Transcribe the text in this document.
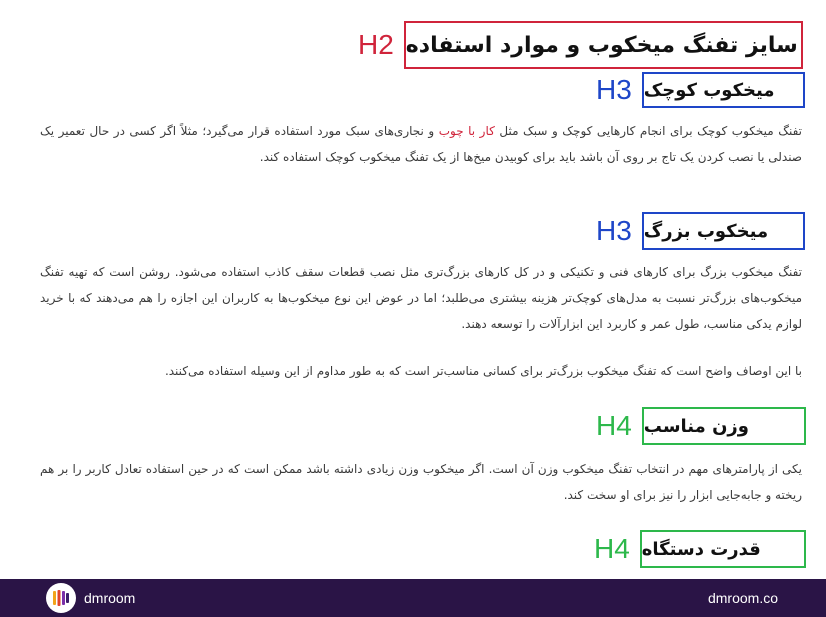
H2 سایز تفنگ میخکوب و موارد استفاده
H3 میخکوب کوچک

تفنگ میخکوب کوچک برای انجام کارهایی کوچک و سبک مثل کار با چوب و نجاری‌های سبک مورد استفاده قرار می‌گیرد؛ مثلاً اگر کسی در حال تعمیر یک صندلی یا نصب کردن یک تاج بر روی آن باشد باید برای کوبیدن میخ‌ها از یک تفنگ میخکوب کوچک استفاده کند.

H3 میخکوب بزرگ

تفنگ میخکوب بزرگ برای کارهای فنی و تکنیکی و در کل کارهای بزرگ‌تری مثل نصب قطعات سقف کاذب استفاده می‌شود. روشن است که تهیه تفنگ میخکوب‌های بزرگ‌تر نسبت به مدل‌های کوچک‌تر هزینه بیشتری می‌طلبد؛ اما در عوض این نوع میخکوب‌ها به کاربران این اجازه را هم می‌دهند که با خرید لوازم یدکی مناسب، طول عمر و کاربرد این ابزارآلات را توسعه دهند.

با این اوصاف واضح است که تفنگ میخکوب بزرگ‌تر برای کسانی مناسب‌تر است که به طور مداوم از این وسیله استفاده می‌کنند.

H4 وزن مناسب

یکی از پارامترهای مهم در انتخاب تفنگ میخکوب وزن آن است. اگر میخکوب وزن زیادی داشته باشد ممکن است که در حین استفاده تعادل کاربر را بر هم ریخته و جابه‌جایی ابزار را نیز برای او سخت کند.

H4 قدرت دستگاه
dmroom	dmroom.co
